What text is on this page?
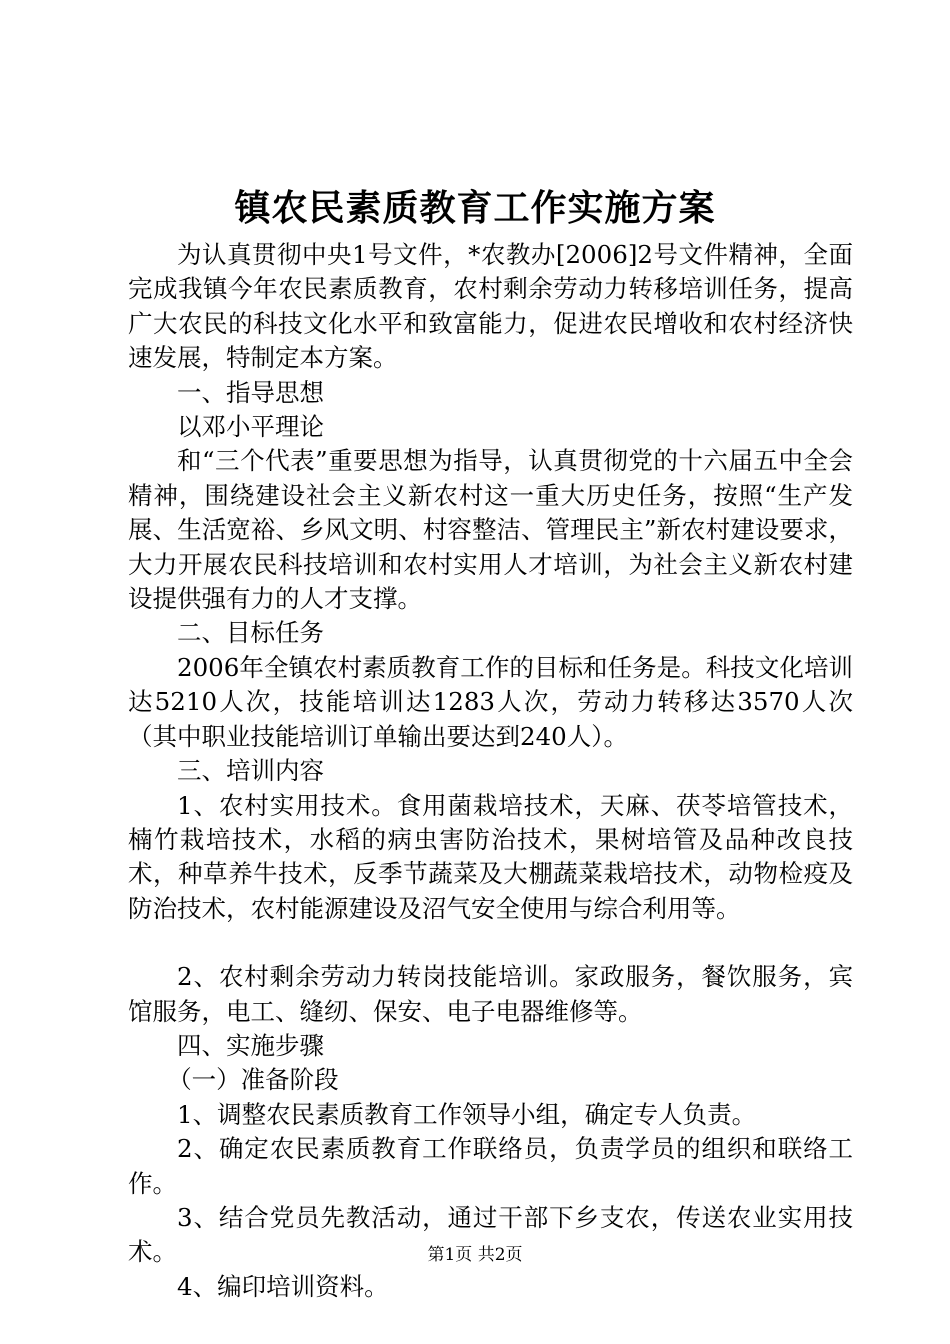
镇农民素质教育工作实施方案

为认真贯彻中央1号文件，*农教办[2006]2号文件精神，全面完成我镇今年农民素质教育，农村剩余劳动力转移培训任务，提高广大农民的科技文化水平和致富能力，促进农民增收和农村经济快速发展，特制定本方案。

一、指导思想

以邓小平理论

和“三个代表”重要思想为指导，认真贯彻党的十六届五中全会精神，围绕建设社会主义新农村这一重大历史任务，按照“生产发展、生活宽裕、乡风文明、村容整洁、管理民主”新农村建设要求，大力开展农民科技培训和农村实用人才培训，为社会主义新农村建设提供强有力的人才支撑。

二、目标任务

2006年全镇农村素质教育工作的目标和任务是。科技文化培训达5210人次，技能培训达1283人次，劳动力转移达3570人次（其中职业技能培训订单输出要达到240人）。

三、培训内容

1、农村实用技术。食用菌栽培技术，天麻、茯苓培管技术，楠竹栽培技术，水稻的病虫害防治技术，果树培管及品种改良技术，种草养牛技术，反季节蔬菜及大棚蔬菜栽培技术，动物检疫及防治技术，农村能源建设及沼气安全使用与综合利用等。

2、农村剩余劳动力转岗技能培训。家政服务，餐饮服务，宾馆服务，电工、缝纫、保安、电子电器维修等。

四、实施步骤

（一）准备阶段

1、调整农民素质教育工作领导小组，确定专人负责。

2、确定农民素质教育工作联络员，负责学员的组织和联络工作。

3、结合党员先教活动，通过干部下乡支农，传送农业实用技术。

4、编印培训资料。

第1页 共2页
